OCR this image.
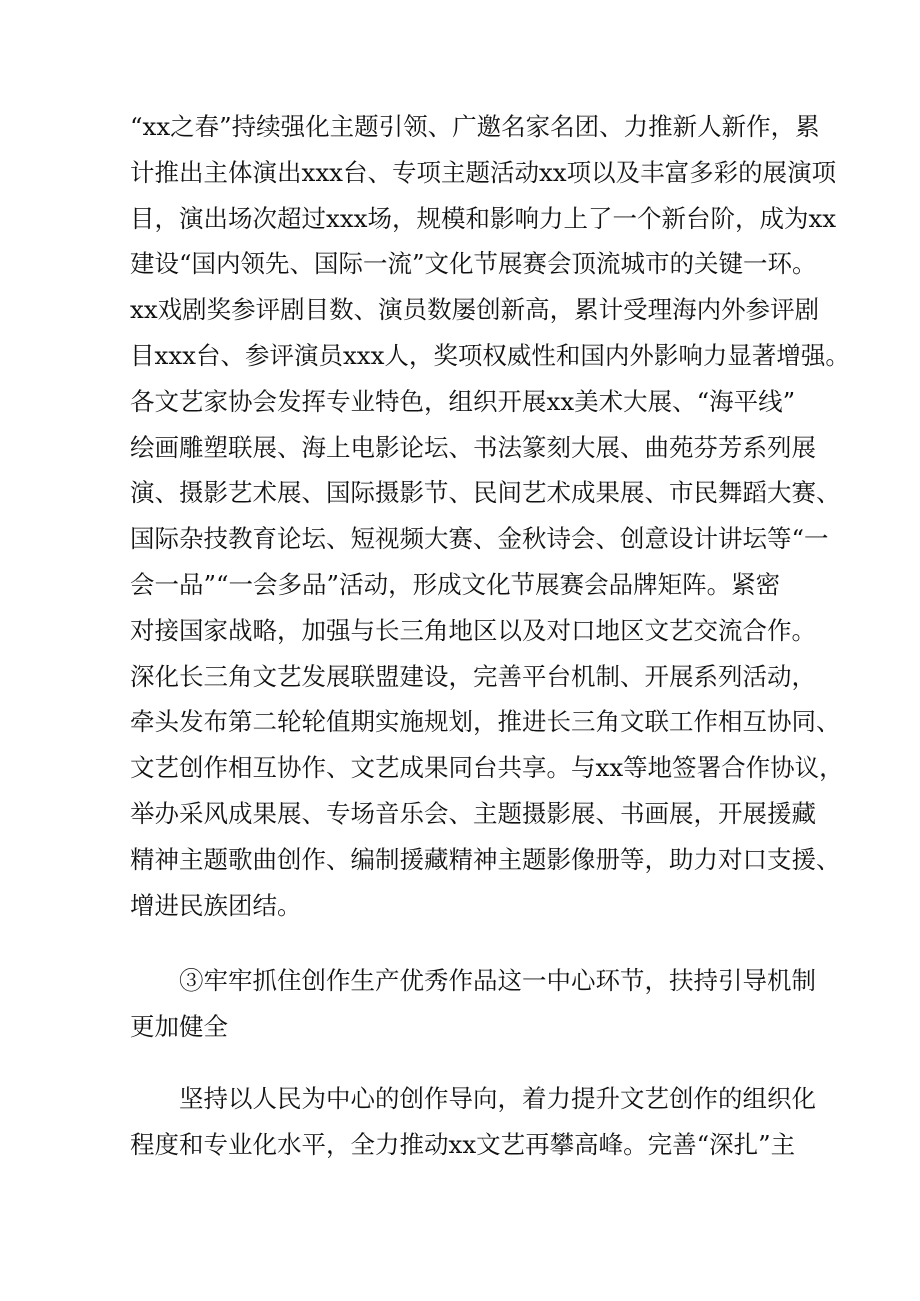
“xx之春”持续强化主题引领、广邀名家名团、力推新人新作，累
计推出主体演出xxx台、专项主题活动xx项以及丰富多彩的展演项
目，演出场次超过xxx场，规模和影响力上了一个新台阶，成为xx
建设“国内领先、国际一流”文化节展赛会顶流城市的关键一环。
xx戏剧奖参评剧目数、演员数屡创新高，累计受理海内外参评剧
目xxx台、参评演员xxx人，奖项权威性和国内外影响力显著增强。
各文艺家协会发挥专业特色，组织开展xx美术大展、“海平线”
绘画雕塑联展、海上电影论坛、书法篆刻大展、曲苑芬芳系列展
演、摄影艺术展、国际摄影节、民间艺术成果展、市民舞蹈大赛、
国际杂技教育论坛、短视频大赛、金秋诗会、创意设计讲坛等“一
会一品”“一会多品”活动，形成文化节展赛会品牌矩阵。紧密
对接国家战略，加强与长三角地区以及对口地区文艺交流合作。
深化长三角文艺发展联盟建设，完善平台机制、开展系列活动，
牵头发布第二轮轮值期实施规划，推进长三角文联工作相互协同、
文艺创作相互协作、文艺成果同台共享。与xx等地签署合作协议，
举办采风成果展、专场音乐会、主题摄影展、书画展，开展援藏
精神主题歌曲创作、编制援藏精神主题影像册等，助力对口支援、
增进民族团结。
③牢牢抓住创作生产优秀作品这一中心环节，扶持引导机制
更加健全
坚持以人民为中心的创作导向，着力提升文艺创作的组织化
程度和专业化水平，全力推动xx文艺再攀高峰。完善“深扎”主
